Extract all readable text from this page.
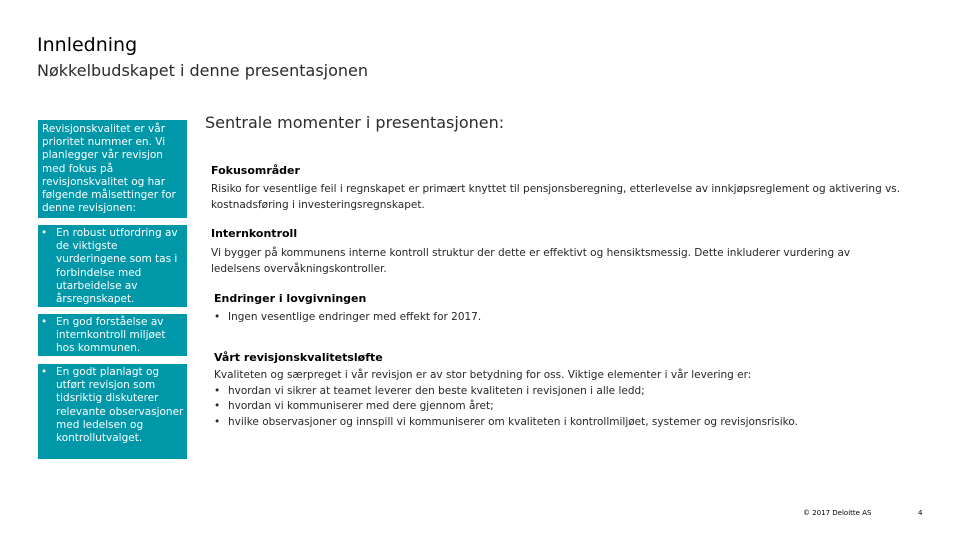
Innledning
Nøkkelbudskapet i denne presentasjonen
Revisjonskvalitet er vår prioritet nummer en. Vi planlegger vår revisjon med fokus på revisjonskvalitet og har følgende målsettinger for denne revisjonen:
• En robust utfordring av de viktigste vurderingene som tas i forbindelse med utarbeidelse av årsregnskapet.
• En god forståelse av internkontroll miljøet hos kommunen.
• En godt planlagt og utført revisjon som tidsriktig diskuterer relevante observasjoner med ledelsen og kontrollutvalget.
Sentrale momenter i presentasjonen:
Fokusområder
Risiko for vesentlige feil i regnskapet er primært knyttet til pensjonsberegning, etterlevelse av innkjøpsreglement og aktivering vs. kostnadsføring i investeringsregnskapet.
Internkontroll
Vi bygger på kommunens interne kontroll struktur der dette er effektivt og hensiktsmessig. Dette inkluderer vurdering av ledelsens overvåkningskontroller.
Endringer i lovgivningen
• Ingen vesentlige endringer med effekt for 2017.
Vårt revisjonskvalitetsløfte
Kvaliteten og særpreget i vår revisjon er av stor betydning for oss. Viktige elementer i vår levering er:
• hvordan vi sikrer at teamet leverer den beste kvaliteten i revisjonen i alle ledd;
• hvordan vi kommuniserer med dere gjennom året;
• hvilke observasjoner og innspill vi kommuniserer om kvaliteten i kontrollmiljøet, systemer og revisjonsrisiko.
© 2017 Deloitte AS	4
